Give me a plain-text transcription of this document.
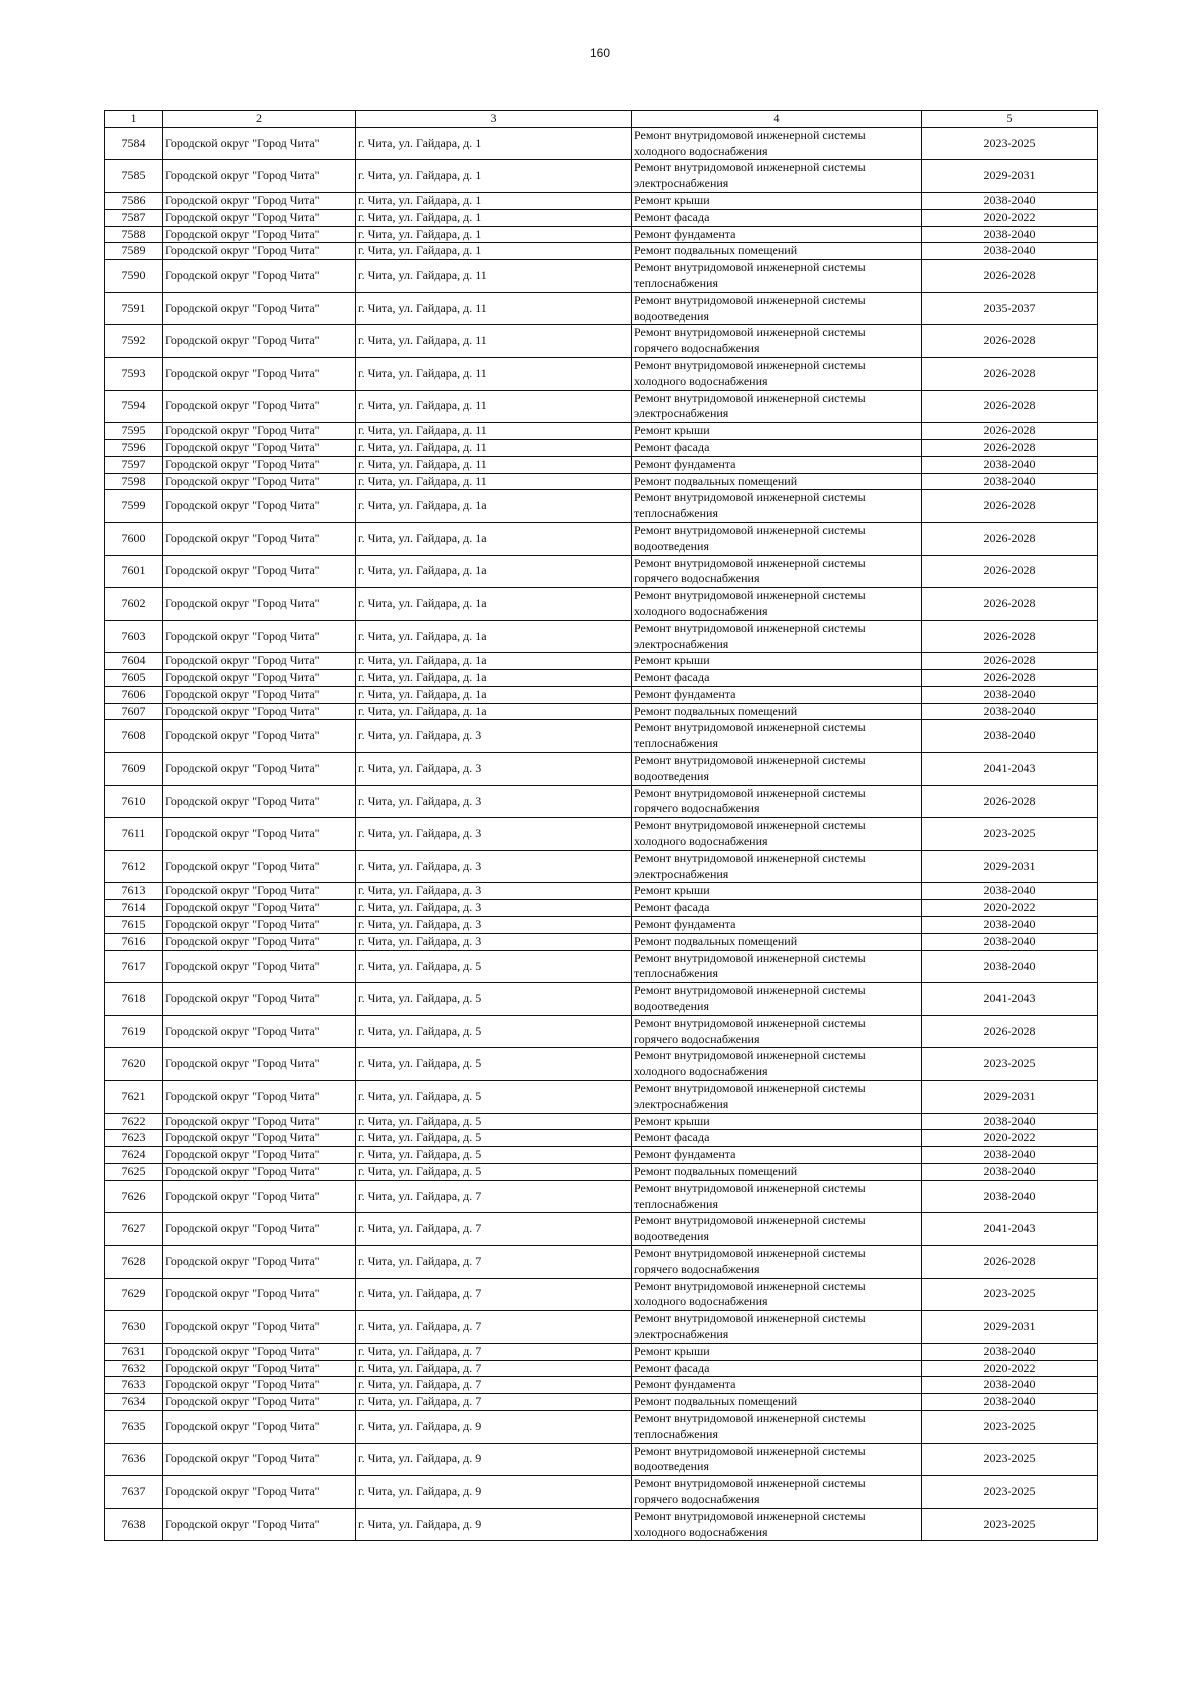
160
1	2	3	4	5
7584	Городской округ "Город Чита"	г. Чита, ул. Гайдара, д. 1	Ремонт внутридомовой инженерной системы
холодного водоснабжения	2023-2025
7585	Городской округ "Город Чита"	г. Чита, ул. Гайдара, д. 1	Ремонт внутридомовой инженерной системы
электроснабжения	2029-2031
7586	Городской округ "Город Чита"	г. Чита, ул. Гайдара, д. 1	Ремонт крыши	2038-2040
7587	Городской округ "Город Чита"	г. Чита, ул. Гайдара, д. 1	Ремонт фасада	2020-2022
7588	Городской округ "Город Чита"	г. Чита, ул. Гайдара, д. 1	Ремонт фундамента	2038-2040
7589	Городской округ "Город Чита"	г. Чита, ул. Гайдара, д. 1	Ремонт подвальных помещений	2038-2040
7590	Городской округ "Город Чита"	г. Чита, ул. Гайдара, д. 11	Ремонт внутридомовой инженерной системы
теплоснабжения	2026-2028
7591	Городской округ "Город Чита"	г. Чита, ул. Гайдара, д. 11	Ремонт внутридомовой инженерной системы
водоотведения	2035-2037
7592	Городской округ "Город Чита"	г. Чита, ул. Гайдара, д. 11	Ремонт внутридомовой инженерной системы
горячего водоснабжения	2026-2028
7593	Городской округ "Город Чита"	г. Чита, ул. Гайдара, д. 11	Ремонт внутридомовой инженерной системы
холодного водоснабжения	2026-2028
7594	Городской округ "Город Чита"	г. Чита, ул. Гайдара, д. 11	Ремонт внутридомовой инженерной системы
электроснабжения	2026-2028
7595	Городской округ "Город Чита"	г. Чита, ул. Гайдара, д. 11	Ремонт крыши	2026-2028
7596	Городской округ "Город Чита"	г. Чита, ул. Гайдара, д. 11	Ремонт фасада	2026-2028
7597	Городской округ "Город Чита"	г. Чита, ул. Гайдара, д. 11	Ремонт фундамента	2038-2040
7598	Городской округ "Город Чита"	г. Чита, ул. Гайдара, д. 11	Ремонт подвальных помещений	2038-2040
7599	Городской округ "Город Чита"	г. Чита, ул. Гайдара, д. 1а	Ремонт внутридомовой инженерной системы
теплоснабжения	2026-2028
7600	Городской округ "Город Чита"	г. Чита, ул. Гайдара, д. 1а	Ремонт внутридомовой инженерной системы
водоотведения	2026-2028
7601	Городской округ "Город Чита"	г. Чита, ул. Гайдара, д. 1а	Ремонт внутридомовой инженерной системы
горячего водоснабжения	2026-2028
7602	Городской округ "Город Чита"	г. Чита, ул. Гайдара, д. 1а	Ремонт внутридомовой инженерной системы
холодного водоснабжения	2026-2028
7603	Городской округ "Город Чита"	г. Чита, ул. Гайдара, д. 1а	Ремонт внутридомовой инженерной системы
электроснабжения	2026-2028
7604	Городской округ "Город Чита"	г. Чита, ул. Гайдара, д. 1а	Ремонт крыши	2026-2028
7605	Городской округ "Город Чита"	г. Чита, ул. Гайдара, д. 1а	Ремонт фасада	2026-2028
7606	Городской округ "Город Чита"	г. Чита, ул. Гайдара, д. 1а	Ремонт фундамента	2038-2040
7607	Городской округ "Город Чита"	г. Чита, ул. Гайдара, д. 1а	Ремонт подвальных помещений	2038-2040
7608	Городской округ "Город Чита"	г. Чита, ул. Гайдара, д. 3	Ремонт внутридомовой инженерной системы
теплоснабжения	2038-2040
7609	Городской округ "Город Чита"	г. Чита, ул. Гайдара, д. 3	Ремонт внутридомовой инженерной системы
водоотведения	2041-2043
7610	Городской округ "Город Чита"	г. Чита, ул. Гайдара, д. 3	Ремонт внутридомовой инженерной системы
горячего водоснабжения	2026-2028
7611	Городской округ "Город Чита"	г. Чита, ул. Гайдара, д. 3	Ремонт внутридомовой инженерной системы
холодного водоснабжения	2023-2025
7612	Городской округ "Город Чита"	г. Чита, ул. Гайдара, д. 3	Ремонт внутридомовой инженерной системы
электроснабжения	2029-2031
7613	Городской округ "Город Чита"	г. Чита, ул. Гайдара, д. 3	Ремонт крыши	2038-2040
7614	Городской округ "Город Чита"	г. Чита, ул. Гайдара, д. 3	Ремонт фасада	2020-2022
7615	Городской округ "Город Чита"	г. Чита, ул. Гайдара, д. 3	Ремонт фундамента	2038-2040
7616	Городской округ "Город Чита"	г. Чита, ул. Гайдара, д. 3	Ремонт подвальных помещений	2038-2040
7617	Городской округ "Город Чита"	г. Чита, ул. Гайдара, д. 5	Ремонт внутридомовой инженерной системы
теплоснабжения	2038-2040
7618	Городской округ "Город Чита"	г. Чита, ул. Гайдара, д. 5	Ремонт внутридомовой инженерной системы
водоотведения	2041-2043
7619	Городской округ "Город Чита"	г. Чита, ул. Гайдара, д. 5	Ремонт внутридомовой инженерной системы
горячего водоснабжения	2026-2028
7620	Городской округ "Город Чита"	г. Чита, ул. Гайдара, д. 5	Ремонт внутридомовой инженерной системы
холодного водоснабжения	2023-2025
7621	Городской округ "Город Чита"	г. Чита, ул. Гайдара, д. 5	Ремонт внутридомовой инженерной системы
электроснабжения	2029-2031
7622	Городской округ "Город Чита"	г. Чита, ул. Гайдара, д. 5	Ремонт крыши	2038-2040
7623	Городской округ "Город Чита"	г. Чита, ул. Гайдара, д. 5	Ремонт фасада	2020-2022
7624	Городской округ "Город Чита"	г. Чита, ул. Гайдара, д. 5	Ремонт фундамента	2038-2040
7625	Городской округ "Город Чита"	г. Чита, ул. Гайдара, д. 5	Ремонт подвальных помещений	2038-2040
7626	Городской округ "Город Чита"	г. Чита, ул. Гайдара, д. 7	Ремонт внутридомовой инженерной системы
теплоснабжения	2038-2040
7627	Городской округ "Город Чита"	г. Чита, ул. Гайдара, д. 7	Ремонт внутридомовой инженерной системы
водоотведения	2041-2043
7628	Городской округ "Город Чита"	г. Чита, ул. Гайдара, д. 7	Ремонт внутридомовой инженерной системы
горячего водоснабжения	2026-2028
7629	Городской округ "Город Чита"	г. Чита, ул. Гайдара, д. 7	Ремонт внутридомовой инженерной системы
холодного водоснабжения	2023-2025
7630	Городской округ "Город Чита"	г. Чита, ул. Гайдара, д. 7	Ремонт внутридомовой инженерной системы
электроснабжения	2029-2031
7631	Городской округ "Город Чита"	г. Чита, ул. Гайдара, д. 7	Ремонт крыши	2038-2040
7632	Городской округ "Город Чита"	г. Чита, ул. Гайдара, д. 7	Ремонт фасада	2020-2022
7633	Городской округ "Город Чита"	г. Чита, ул. Гайдара, д. 7	Ремонт фундамента	2038-2040
7634	Городской округ "Город Чита"	г. Чита, ул. Гайдара, д. 7	Ремонт подвальных помещений	2038-2040
7635	Городской округ "Город Чита"	г. Чита, ул. Гайдара, д. 9	Ремонт внутридомовой инженерной системы
теплоснабжения	2023-2025
7636	Городской округ "Город Чита"	г. Чита, ул. Гайдара, д. 9	Ремонт внутридомовой инженерной системы
водоотведения	2023-2025
7637	Городской округ "Город Чита"	г. Чита, ул. Гайдара, д. 9	Ремонт внутридомовой инженерной системы
горячего водоснабжения	2023-2025
7638	Городской округ "Город Чита"	г. Чита, ул. Гайдара, д. 9	Ремонт внутридомовой инженерной системы
холодного водоснабжения	2023-2025
